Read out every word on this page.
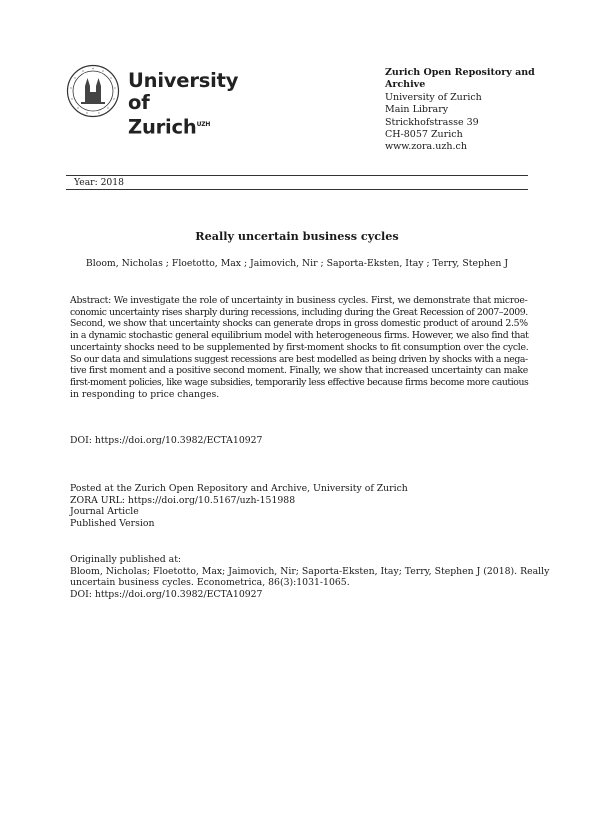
University of
Zurich$^{UZH}$
Zurich Open Repository and
Archive
University of Zurich
Main Library
Strickhofstrasse 39
CH-8057 Zurich
www.zora.uzh.ch
Year: 2018
Really uncertain business cycles
Bloom, Nicholas ; Floetotto, Max ; Jaimovich, Nir ; Saporta-Eksten, Itay ; Terry, Stephen J
Abstract: We investigate the role of uncertainty in business cycles. First, we demonstrate that microe-
conomic uncertainty rises sharply during recessions, including during the Great Recession of 2007–2009.
Second, we show that uncertainty shocks can generate drops in gross domestic product of around 2.5%
in a dynamic stochastic general equilibrium model with heterogeneous firms. However, we also find that
uncertainty shocks need to be supplemented by first-moment shocks to fit consumption over the cycle.
So our data and simulations suggest recessions are best modelled as being driven by shocks with a nega-
tive first moment and a positive second moment. Finally, we show that increased uncertainty can make
first-moment policies, like wage subsidies, temporarily less effective because firms become more cautious
in responding to price changes.
DOI: https://doi.org/10.3982/ECTA10927
Posted at the Zurich Open Repository and Archive, University of Zurich
ZORA URL: https://doi.org/10.5167/uzh-151988
Journal Article
Published Version
Originally published at:
Bloom, Nicholas; Floetotto, Max; Jaimovich, Nir; Saporta-Eksten, Itay; Terry, Stephen J (2018). Really
uncertain business cycles. Econometrica, 86(3):1031-1065.
DOI: https://doi.org/10.3982/ECTA10927
